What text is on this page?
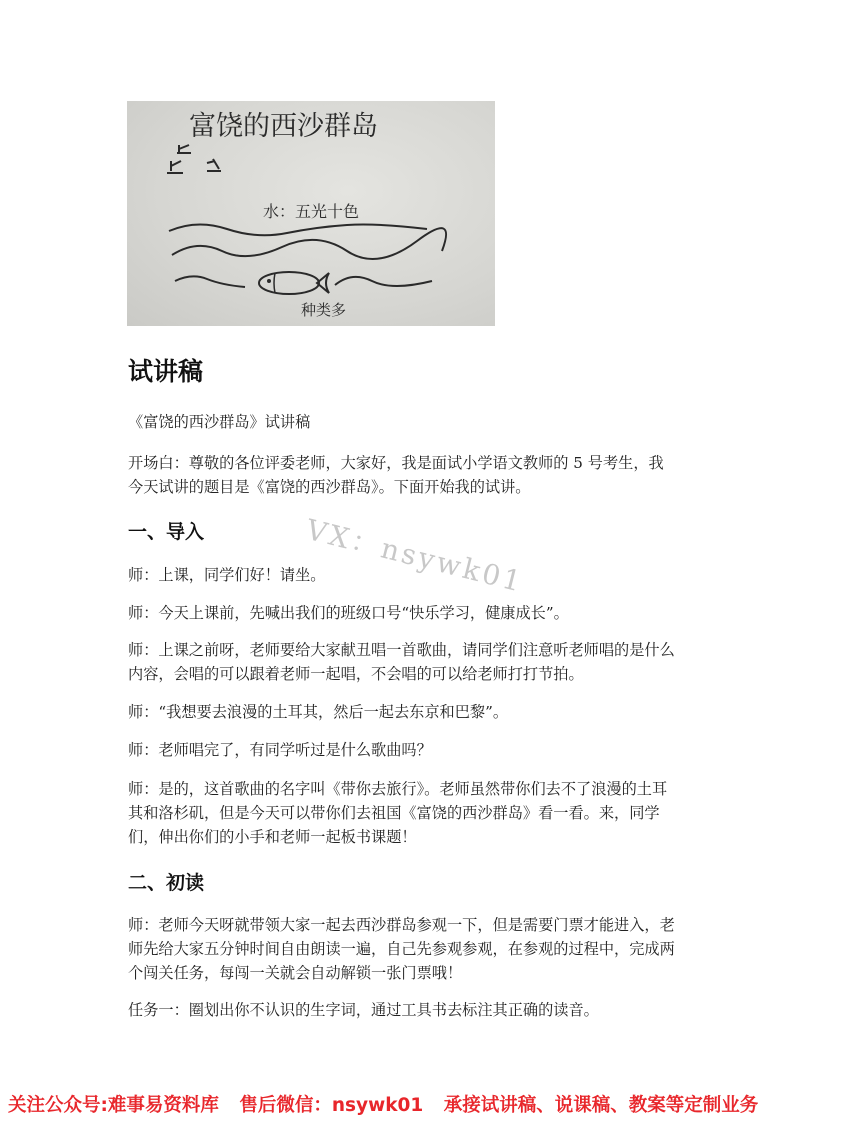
富饶的西沙群岛
水：五光十色
种类多
试讲稿
《富饶的西沙群岛》试讲稿
开场白：尊敬的各位评委老师，大家好，我是面试小学语文教师的 5 号考生，我
今天试讲的题目是《富饶的西沙群岛》。下面开始我的试讲。
一、导入	VX：nsywk01
师：上课，同学们好！请坐。
师：今天上课前，先喊出我们的班级口号“快乐学习，健康成长”。
师：上课之前呀，老师要给大家献丑唱一首歌曲，请同学们注意听老师唱的是什么
内容，会唱的可以跟着老师一起唱，不会唱的可以给老师打打节拍。
师：“我想要去浪漫的土耳其，然后一起去东京和巴黎”。
师：老师唱完了，有同学听过是什么歌曲吗？
师：是的，这首歌曲的名字叫《带你去旅行》。老师虽然带你们去不了浪漫的土耳
其和洛杉矶，但是今天可以带你们去祖国《富饶的西沙群岛》看一看。来，同学
们，伸出你们的小手和老师一起板书课题！
二、初读
师：老师今天呀就带领大家一起去西沙群岛参观一下，但是需要门票才能进入，老
师先给大家五分钟时间自由朗读一遍，自己先参观参观，在参观的过程中，完成两
个闯关任务，每闯一关就会自动解锁一张门票哦！
任务一：圈划出你不认识的生字词，通过工具书去标注其正确的读音。
关注公众号:难事易资料库 售后微信：nsywk01 承接试讲稿、说课稿、教案等定制业务
